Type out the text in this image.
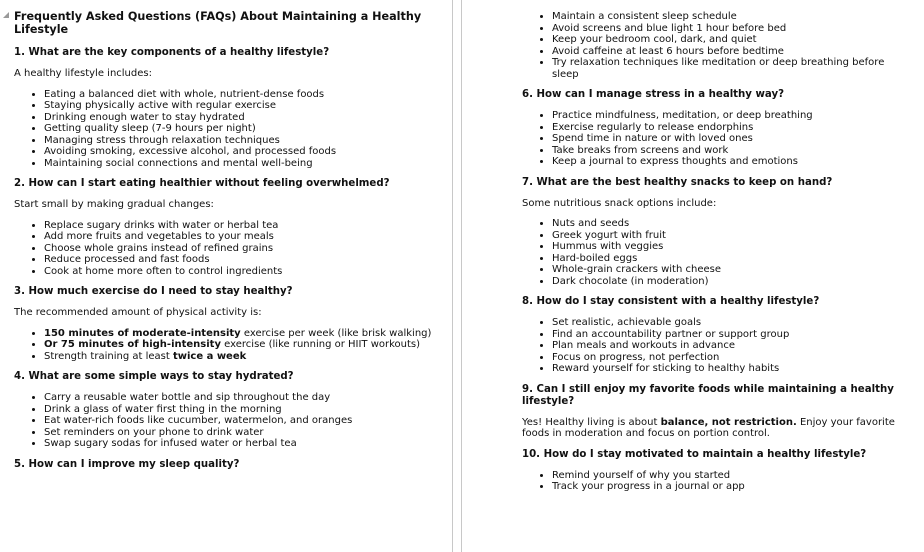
Frequently Asked Questions (FAQs) About Maintaining a Healthy Lifestyle
1. What are the key components of a healthy lifestyle?

A healthy lifestyle includes:

• Eating a balanced diet with whole, nutrient-dense foods
• Staying physically active with regular exercise
• Drinking enough water to stay hydrated
• Getting quality sleep (7-9 hours per night)
• Managing stress through relaxation techniques
• Avoiding smoking, excessive alcohol, and processed foods
• Maintaining social connections and mental well-being
2. How can I start eating healthier without feeling overwhelmed?

Start small by making gradual changes:

• Replace sugary drinks with water or herbal tea
• Add more fruits and vegetables to your meals
• Choose whole grains instead of refined grains
• Reduce processed and fast foods
• Cook at home more often to control ingredients
3. How much exercise do I need to stay healthy?

The recommended amount of physical activity is:

• 150 minutes of moderate-intensity exercise per week (like brisk walking)
• Or 75 minutes of high-intensity exercise (like running or HIIT workouts)
• Strength training at least twice a week
4. What are some simple ways to stay hydrated?
• Carry a reusable water bottle and sip throughout the day
• Drink a glass of water first thing in the morning
• Eat water-rich foods like cucumber, watermelon, and oranges
• Set reminders on your phone to drink water
• Swap sugary sodas for infused water or herbal tea
5. How can I improve my sleep quality?
• Maintain a consistent sleep schedule
• Avoid screens and blue light 1 hour before bed
• Keep your bedroom cool, dark, and quiet
• Avoid caffeine at least 6 hours before bedtime
• Try relaxation techniques like meditation or deep breathing before sleep
6. How can I manage stress in a healthy way?
• Practice mindfulness, meditation, or deep breathing
• Exercise regularly to release endorphins
• Spend time in nature or with loved ones
• Take breaks from screens and work
• Keep a journal to express thoughts and emotions
7. What are the best healthy snacks to keep on hand?

Some nutritious snack options include:

• Nuts and seeds
• Greek yogurt with fruit
• Hummus with veggies
• Hard-boiled eggs
• Whole-grain crackers with cheese
• Dark chocolate (in moderation)
8. How do I stay consistent with a healthy lifestyle?
• Set realistic, achievable goals
• Find an accountability partner or support group
• Plan meals and workouts in advance
• Focus on progress, not perfection
• Reward yourself for sticking to healthy habits
9. Can I still enjoy my favorite foods while maintaining a healthy lifestyle?

Yes! Healthy living is about balance, not restriction. Enjoy your favorite foods in moderation and focus on portion control.

10. How do I stay motivated to maintain a healthy lifestyle?
• Remind yourself of why you started
• Track your progress in a journal or app
